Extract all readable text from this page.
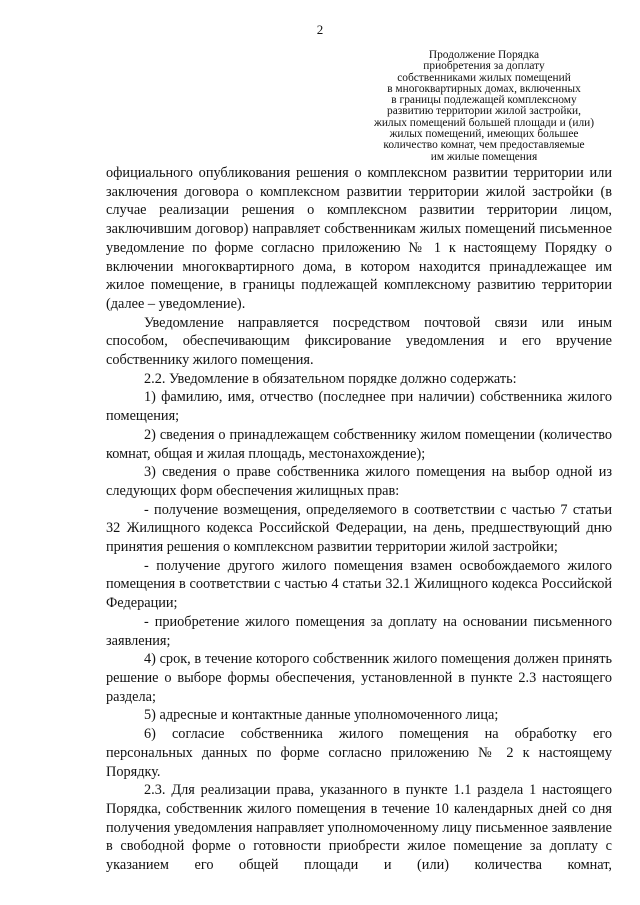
2
Продолжение Порядка
приобретения за доплату
собственниками жилых помещений
в многоквартирных домах, включенных
в границы подлежащей комплексному
развитию территории жилой застройки,
жилых помещений большей площади и (или)
жилых помещений, имеющих большее
количество комнат, чем предоставляемые
им жилые помещения

официального опубликования решения о комплексном развитии территории или заключения договора о комплексном развитии территории жилой застройки (в случае реализации решения о комплексном развитии территории лицом, заключившим договор) направляет собственникам жилых помещений письменное уведомление по форме согласно приложению № 1 к настоящему Порядку о включении многоквартирного дома, в котором находится принадлежащее им жилое помещение, в границы подлежащей комплексному развитию территории (далее – уведомление).

Уведомление направляется посредством почтовой связи или иным способом, обеспечивающим фиксирование уведомления и его вручение собственнику жилого помещения.

2.2. Уведомление в обязательном порядке должно содержать:

1) фамилию, имя, отчество (последнее при наличии) собственника жилого помещения;

2) сведения о принадлежащем собственнику жилом помещении (количество комнат, общая и жилая площадь, местонахождение);

3) сведения о праве собственника жилого помещения на выбор одной из следующих форм обеспечения жилищных прав:

- получение возмещения, определяемого в соответствии с частью 7 статьи 32 Жилищного кодекса Российской Федерации, на день, предшествующий дню принятия решения о комплексном развитии территории жилой застройки;

- получение другого жилого помещения взамен освобождаемого жилого помещения в соответствии с частью 4 статьи 32.1 Жилищного кодекса Российской Федерации;

- приобретение жилого помещения за доплату на основании письменного заявления;

4) срок, в течение которого собственник жилого помещения должен принять решение о выборе формы обеспечения, установленной в пункте 2.3 настоящего раздела;

5) адресные и контактные данные уполномоченного лица;

6) согласие собственника жилого помещения на обработку его персональных данных по форме согласно приложению № 2 к настоящему Порядку.

2.3. Для реализации права, указанного в пункте 1.1 раздела 1 настоящего Порядка, собственник жилого помещения в течение 10 календарных дней со дня получения уведомления направляет уполномоченному лицу письменное заявление в свободной форме о готовности приобрести жилое помещение за доплату с указанием его общей площади и (или) количества комнат,
